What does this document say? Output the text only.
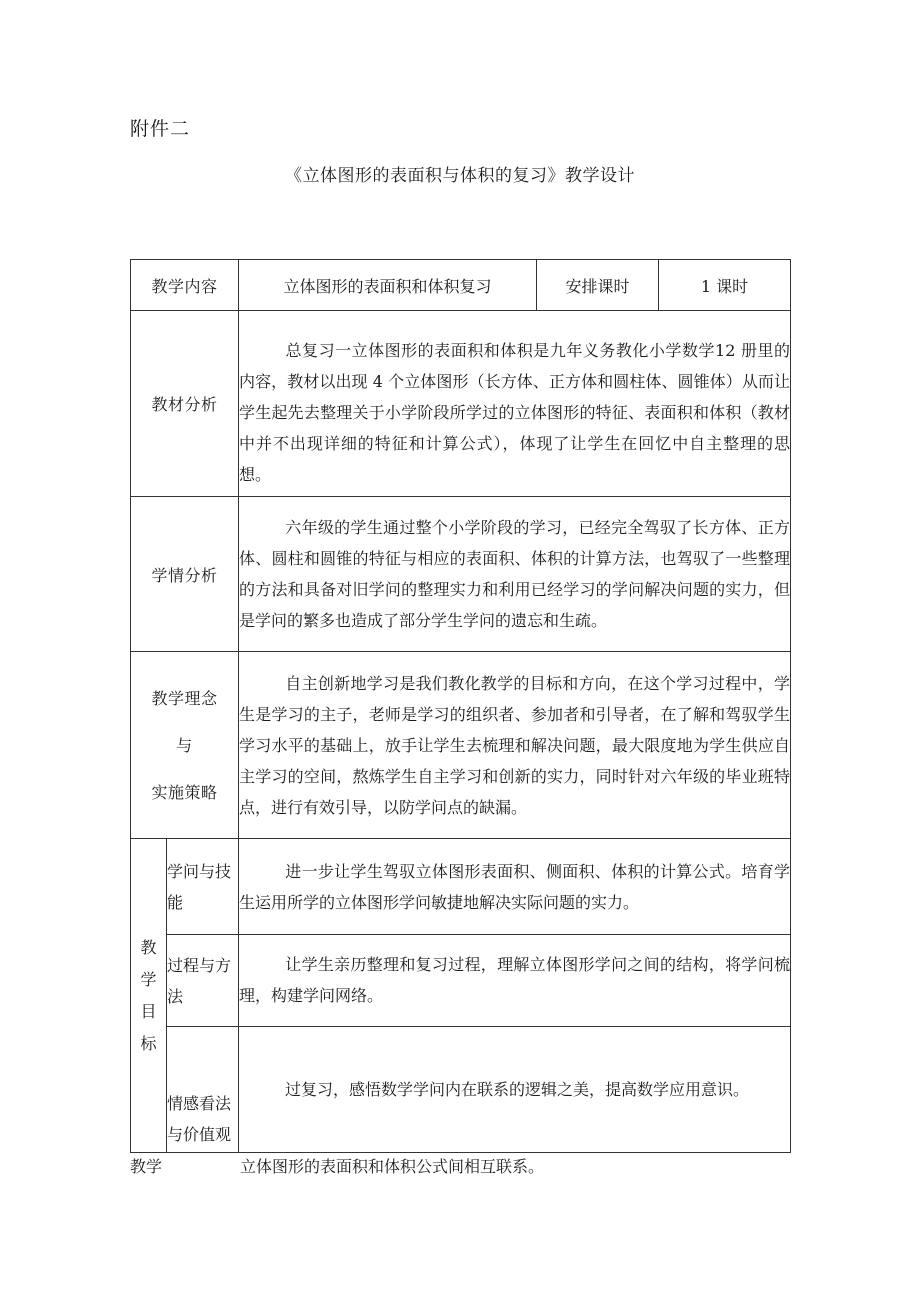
附件二
《立体图形的表面积与体积的复习》教学设计
教学内容		立体图形的表面积和体积复习	安排课时	1 课时
教材分析		总复习一立体图形的表面积和体积是九年义务教化小学数学12 册里的内容，教材以出现 4 个立体图形（长方体、正方体和圆柱体、圆锥体）从而让学生起先去整理关于小学阶段所学过的立体图形的特征、表面积和体积（教材中并不出现详细的特征和计算公式），体现了让学生在回忆中自主整理的思想。		
学情分析		六年级的学生通过整个小学阶段的学习，已经完全驾驭了长方体、正方体、圆柱和圆锥的特征与相应的表面积、体积的计算方法，也驾驭了一些整理的方法和具备对旧学问的整理实力和利用已经学习的学问解决问题的实力，但是学问的繁多也造成了部分学生学问的遗忘和生疏。		

教学理念
与
实施策略		自主创新地学习是我们教化教学的目标和方向，在这个学习过程中，学生是学习的主子，老师是学习的组织者、参加者和引导者，在了解和驾驭学生学习水平的基础上，放手让学生去梳理和解决问题，最大限度地为学生供应自主学习的空间，熬炼学生自主学习和创新的实力，同时针对六年级的毕业班特点，进行有效引导，以防学问点的缺漏。		
教
学
目
标	学问与技能	进一步让学生驾驭立体图形表面积、侧面积、体积的计算公式。培育学生运用所学的立体图形学问敏捷地解决实际问题的实力。		
	过程与方法	让学生亲历整理和复习过程，理解立体图形学问之间的结构，将学问梳理，构建学问网络。		
	情感看法与价值观	过复习，感悟数学学问内在联系的逻辑之美，提高数学应用意识。		
教学	立体图形的表面积和体积公式间相互联系。
